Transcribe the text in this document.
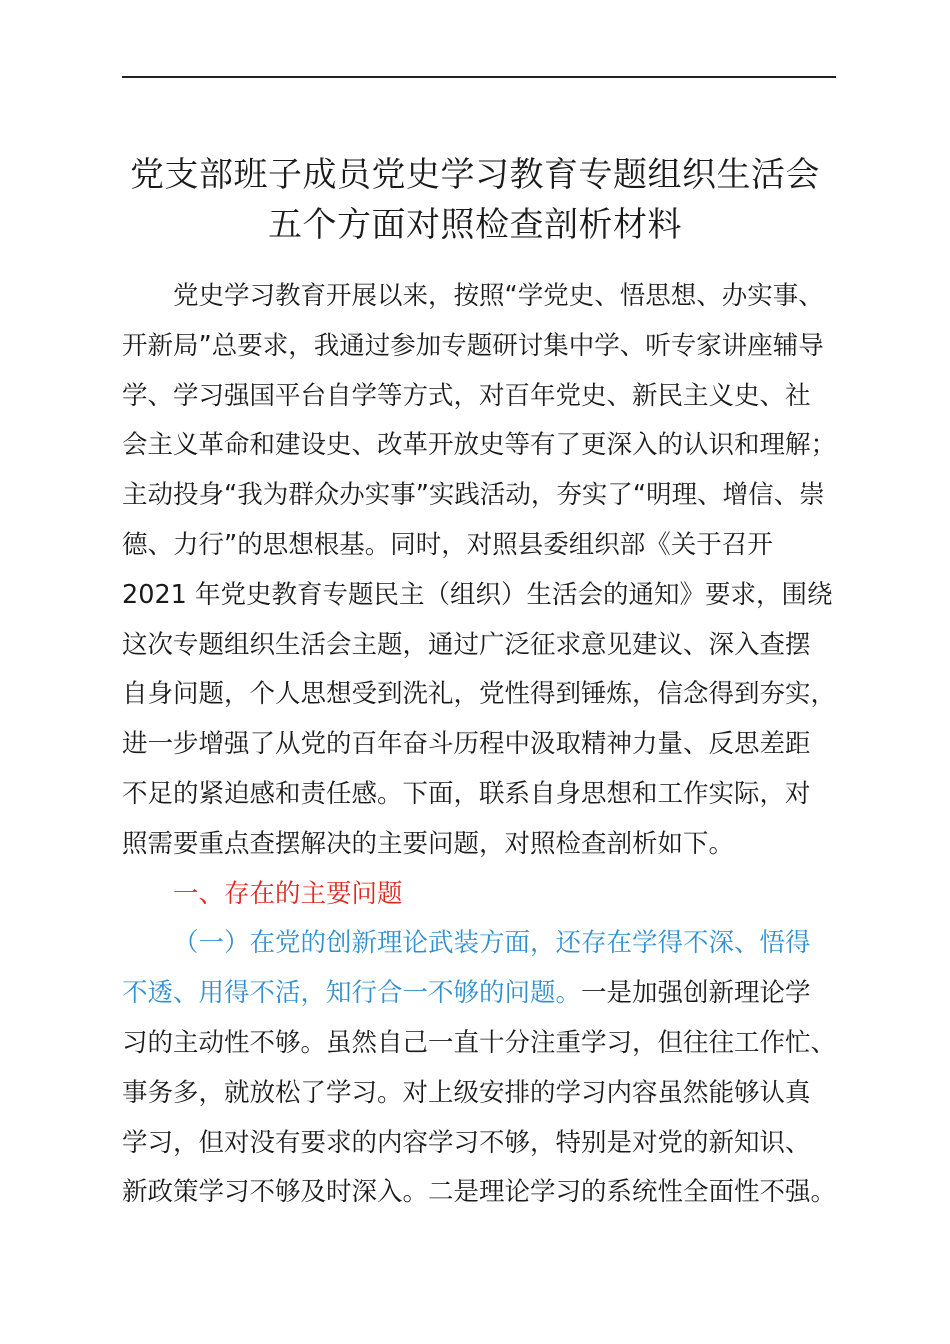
党支部班子成员党史学习教育专题组织生活会
五个方面对照检查剖析材料
党史学习教育开展以来，按照“学党史、悟思想、办实事、
开新局”总要求，我通过参加专题研讨集中学、听专家讲座辅导
学、学习强国平台自学等方式，对百年党史、新民主义史、社
会主义革命和建设史、改革开放史等有了更深入的认识和理解；
主动投身“我为群众办实事”实践活动，夯实了“明理、增信、崇
德、力行”的思想根基。同时，对照县委组织部《关于召开
2021 年党史教育专题民主（组织）生活会的通知》要求，围绕
这次专题组织生活会主题，通过广泛征求意见建议、深入查摆
自身问题，个人思想受到洗礼，党性得到锤炼，信念得到夯实，
进一步增强了从党的百年奋斗历程中汲取精神力量、反思差距
不足的紧迫感和责任感。下面，联系自身思想和工作实际，对
照需要重点查摆解决的主要问题，对照检查剖析如下。
一、存在的主要问题
（一）在党的创新理论武装方面，还存在学得不深、悟得
不透、用得不活，知行合一不够的问题。一是加强创新理论学
习的主动性不够。虽然自己一直十分注重学习，但往往工作忙、
事务多，就放松了学习。对上级安排的学习内容虽然能够认真
学习，但对没有要求的内容学习不够，特别是对党的新知识、
新政策学习不够及时深入。二是理论学习的系统性全面性不强。
